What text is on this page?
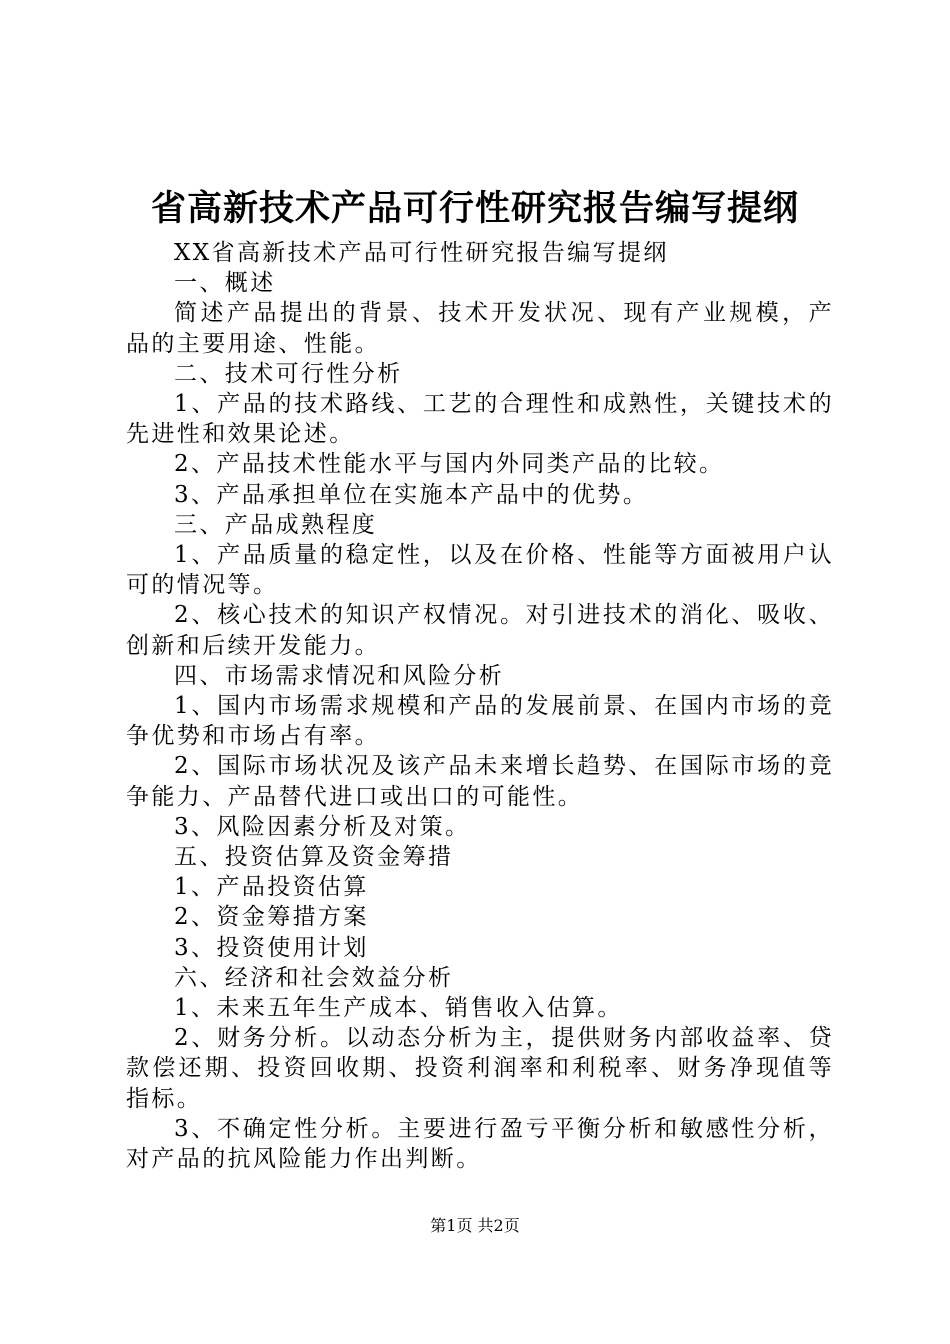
省高新技术产品可行性研究报告编写提纲

XX省高新技术产品可行性研究报告编写提纲

一、概述

简述产品提出的背景、技术开发状况、现有产业规模，产品的主要用途、性能。

二、技术可行性分析

1、产品的技术路线、工艺的合理性和成熟性，关键技术的先进性和效果论述。

2、产品技术性能水平与国内外同类产品的比较。

3、产品承担单位在实施本产品中的优势。

三、产品成熟程度

1、产品质量的稳定性，以及在价格、性能等方面被用户认可的情况等。

2、核心技术的知识产权情况。对引进技术的消化、吸收、创新和后续开发能力。

四、市场需求情况和风险分析

1、国内市场需求规模和产品的发展前景、在国内市场的竞争优势和市场占有率。

2、国际市场状况及该产品未来增长趋势、在国际市场的竞争能力、产品替代进口或出口的可能性。

3、风险因素分析及对策。

五、投资估算及资金筹措

1、产品投资估算

2、资金筹措方案

3、投资使用计划

六、经济和社会效益分析

1、未来五年生产成本、销售收入估算。

2、财务分析。以动态分析为主，提供财务内部收益率、贷款偿还期、投资回收期、投资利润率和利税率、财务净现值等指标。

3、不确定性分析。主要进行盈亏平衡分析和敏感性分析，对产品的抗风险能力作出判断。

第1页 共2页
